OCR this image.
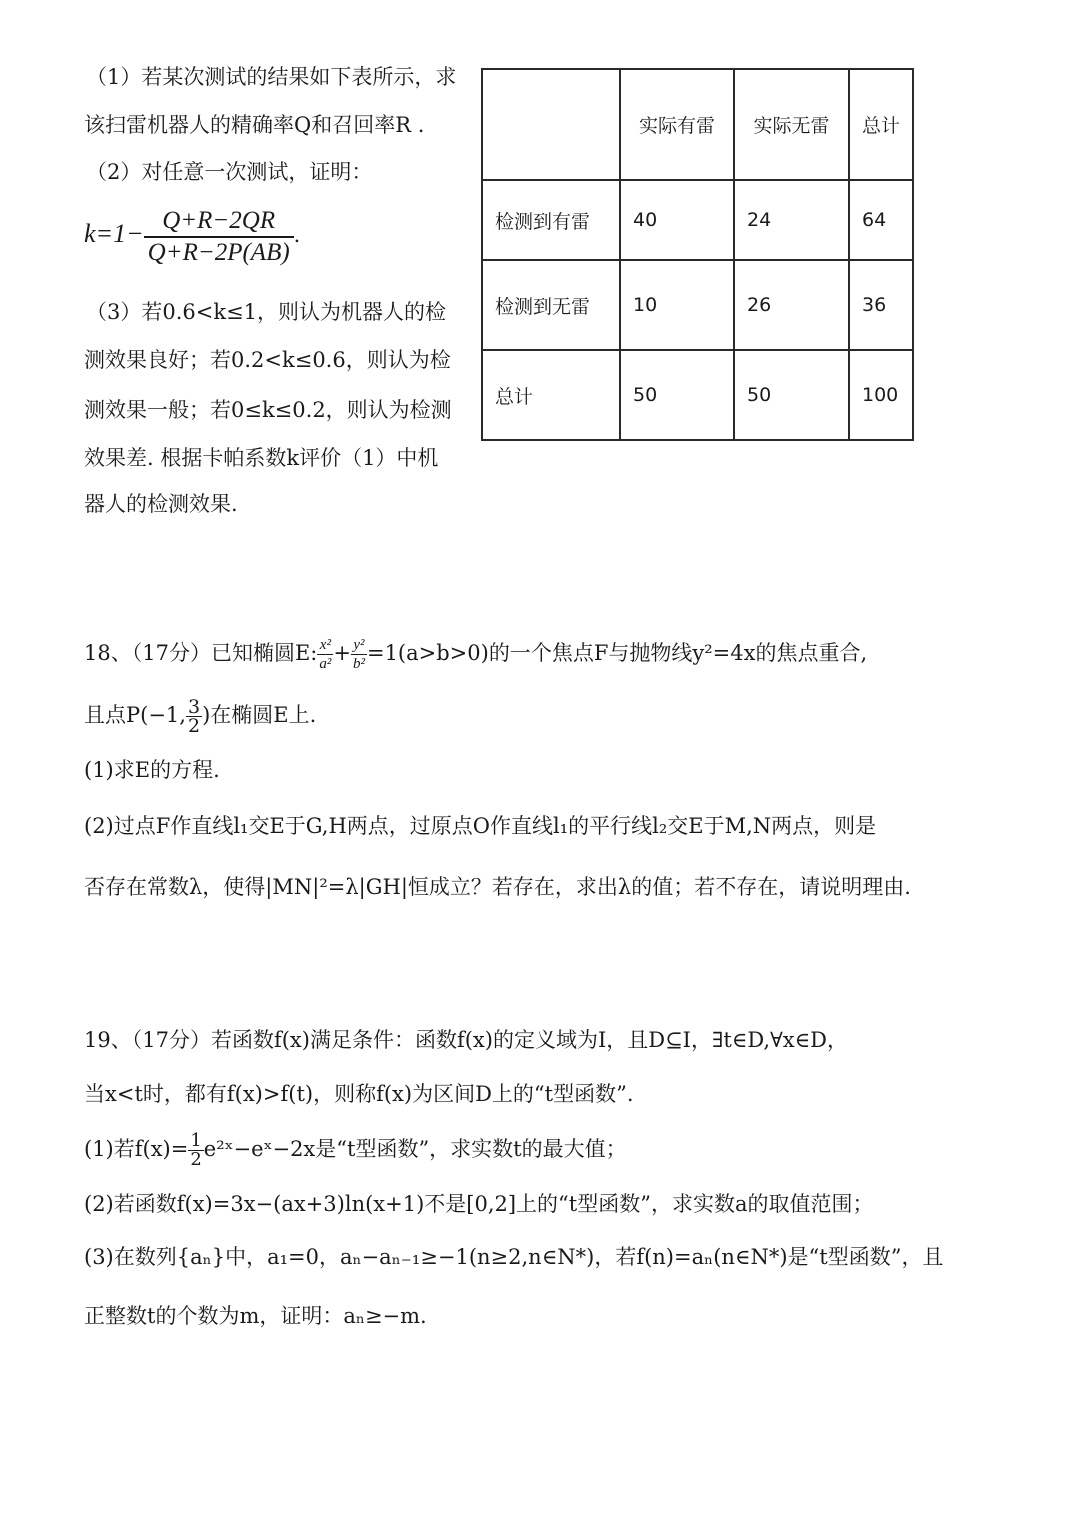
（1）若某次测试的结果如下表所示，求
该扫雷机器人的精确率Q和召回率R .
（2）对任意一次测试，证明：
$k=1- \frac{Q+R-2QR}{Q+R-2P(AB)}$ .
（3）若0.6<k≤1，则认为机器人的检
测效果良好；若0.2<k≤0.6，则认为检
测效果一般；若0≤k≤0.2，则认为检测
效果差. 根据卡帕系数k评价（1）中机
器人的检测效果.
	实际有雷	实际无雷	总计
检测到有雷	40	24	64
检测到无雷	10	26	36
总计	50	50	100
18、（17分）已知椭圆E: $\frac{\text{x²}}{\text{a²}} + \frac{\text{y²}}{\text{b²}} =1(a>b>0)$的一个焦点F与抛物线y²=4x的焦点重合,
且点P(−1, $\frac{3}{2}$ )在椭圆E上.
(1)求E的方程.
(2)过点F作直线l₁交E于G,H两点，过原点O作直线l₁的平行线l₂交E于M,N两点，则是
否存在常数λ，使得|MN|²=λ|GH|恒成立？若存在，求出λ的值；若不存在，请说明理由.
19、（17分）若函数f(x)满足条件：函数f(x)的定义域为I，且D⊆I，∃t∈D,∀x∈D，
当x<t时，都有f(x)>f(t)，则称f(x)为区间D上的“t型函数”.
(1)若$f(x)= \frac{1}{2}$ e²ˣ−eˣ−2x是“t型函数”，求实数t的最大值；
(2)若函数f(x)=3x−(ax+3)ln(x+1)不是[0,2]上的“t型函数”，求实数a的取值范围；
(3)在数列{aₙ}中，a₁=0，aₙ−aₙ₋₁≥−1(n≥2,n∈N*)，若f(n)=aₙ(n∈N*)是“t型函数”，且
正整数t的个数为m，证明：aₙ≥−m.
